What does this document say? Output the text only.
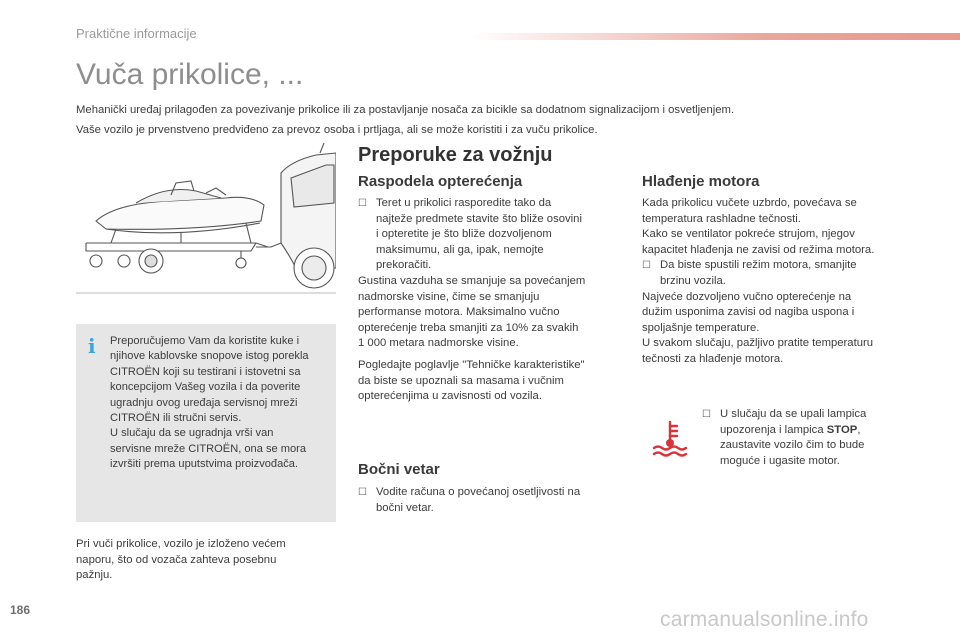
Praktične informacije
Vuča prikolice, ...
Mehanički uređaj prilagođen za povezivanje prikolice ili za postavljanje nosača za bicikle sa dodatnom signalizacijom i osvetljenjem.
Vaše vozilo je prvenstveno predviđeno za prevoz osoba i prtljaga, ali se može koristiti i za vuču prikolice.
i	Preporučujemo Vam da koristite kuke i
njihove kablovske snopove istog porekla
CITROËN koji su testirani i istovetni sa
koncepcijom Vašeg vozila i da poverite
ugradnju ovog uređaja servisnoj mreži
CITROËN ili stručni servis.
U slučaju da se ugradnja vrši van
servisne mreže CITROËN, ona se mora
izvršiti prema uputstvima proizvođača.
Pri vuči prikolice, vozilo je izloženo većem
naporu, što od vozača zahteva posebnu
pažnju.
Preporuke za vožnju
Raspodela opterećenja
☐ Teret u prikolici rasporedite tako da
najteže predmete stavite što bliže osovini
i opteretite je što bliže dozvoljenom
maksimumu, ali ga, ipak, nemojte
prekoračiti.
Gustina vazduha se smanjuje sa povećanjem
nadmorske visine, čime se smanjuju
performanse motora. Maksimalno vučno
opterećenje treba smanjiti za 10% za svakih
1 000 metara nadmorske visine.
Pogledajte poglavlje "Tehničke karakteristike"
da biste se upoznali sa masama i vučnim
opterećenjima u zavisnosti od vozila.
Bočni vetar
☐ Vodite računa o povećanoj osetljivosti na
bočni vetar.
Hlađenje motora
Kada prikolicu vučete uzbrdo, povećava se
temperatura rashladne tečnosti.
Kako se ventilator pokreće strujom, njegov
kapacitet hlađenja ne zavisi od režima motora.
☐ Da biste spustili režim motora, smanjite
brzinu vozila.
Najveće dozvoljeno vučno opterećenje na
dužim usponima zavisi od nagiba uspona i
spoljašnje temperature.
U svakom slučaju, pažljivo pratite temperaturu
tečnosti za hlađenje motora.
☐ U slučaju da se upali lampica
upozorenja i lampica STOP,
zaustavite vozilo čim to bude
moguće i ugasite motor.
186	carmanualsonline.info
